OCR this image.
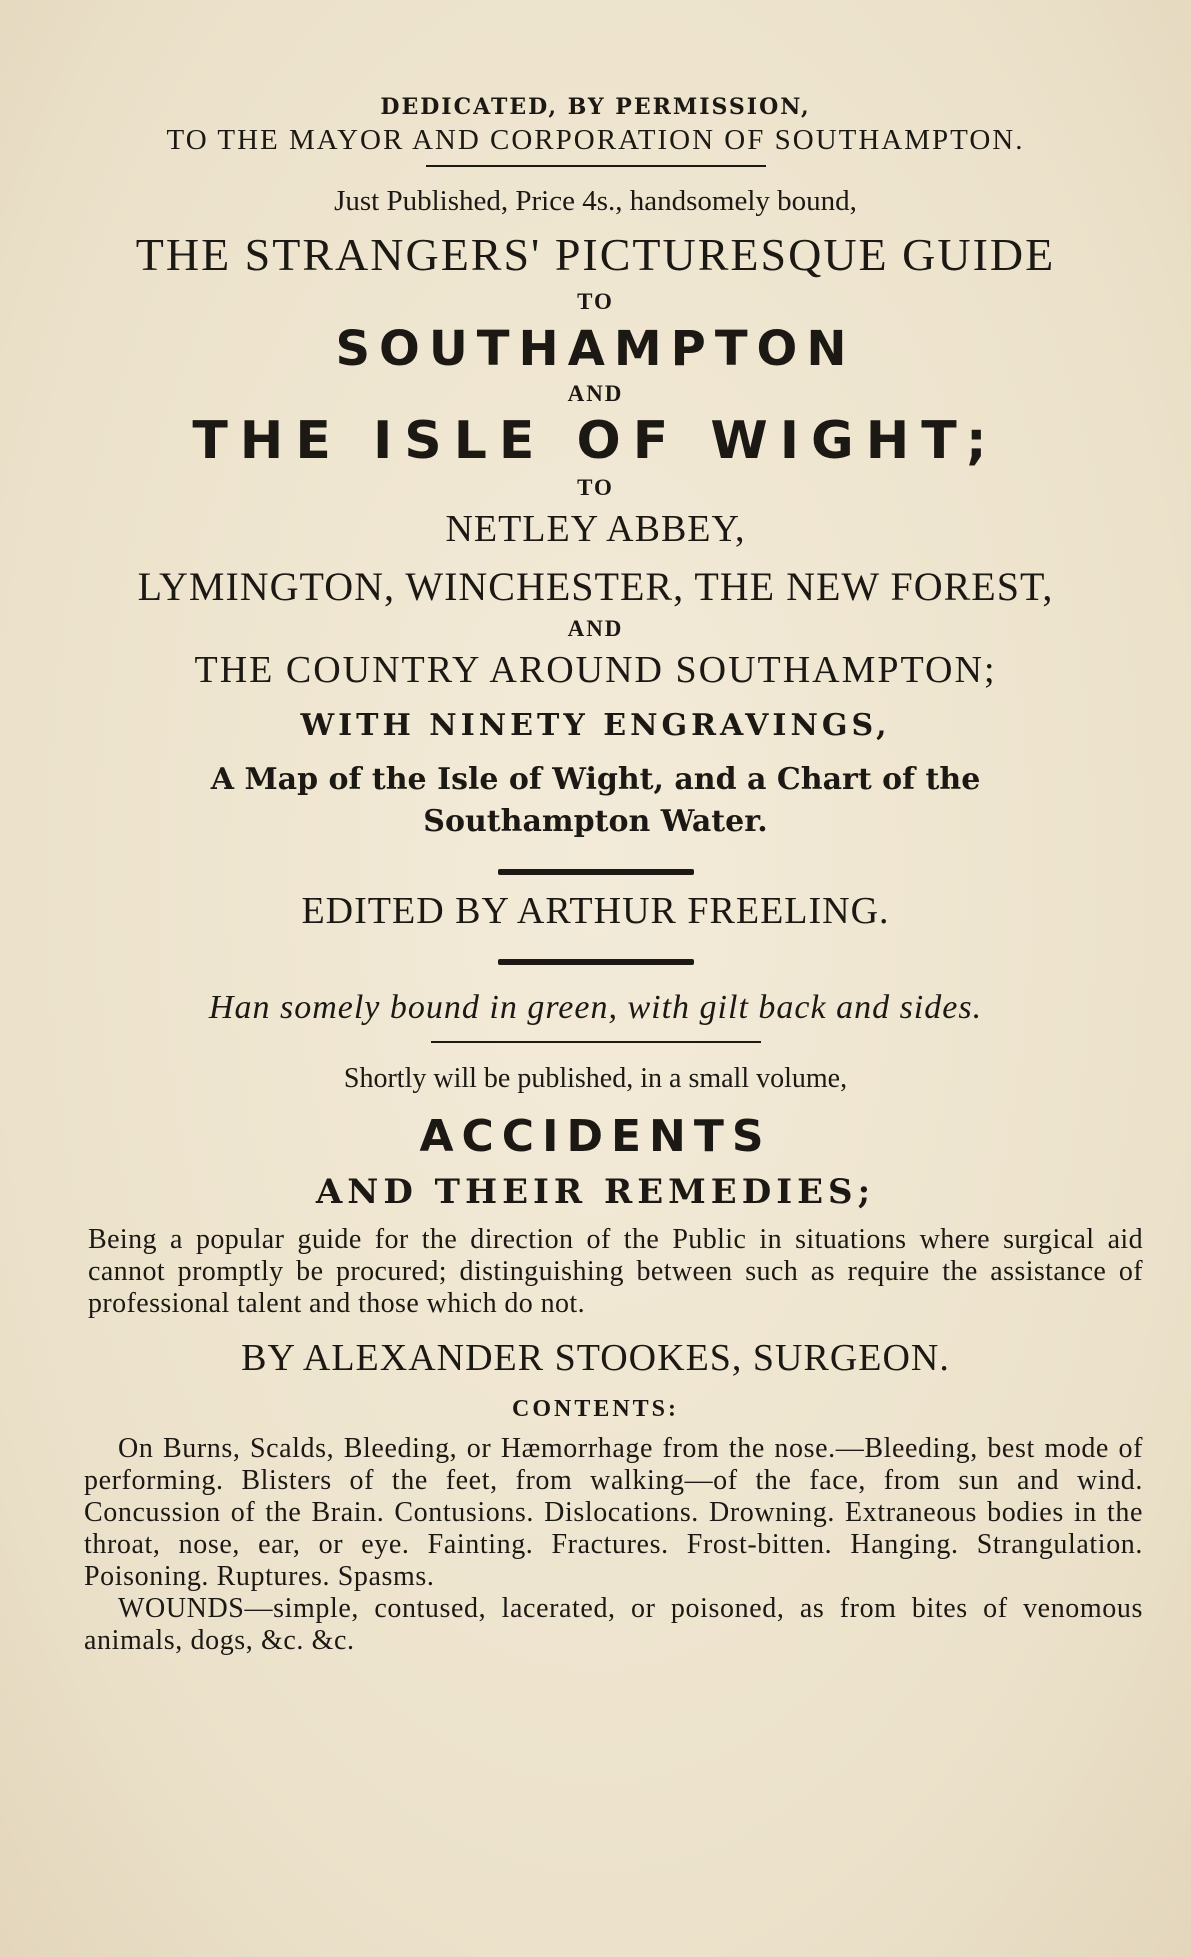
DEDICATED, BY PERMISSION,

TO THE MAYOR AND CORPORATION OF SOUTHAMPTON.

Just Published, Price 4s., handsomely bound,

THE STRANGERS' PICTURESQUE GUIDE

TO

SOUTHAMPTON

AND

THE ISLE OF WIGHT;

TO

NETLEY ABBEY,

LYMINGTON, WINCHESTER, THE NEW FOREST,

AND

THE COUNTRY AROUND SOUTHAMPTON;

WITH NINETY ENGRAVINGS,

A Map of the Isle of Wight, and a Chart of the
Southampton Water.

EDITED BY ARTHUR FREELING.

Han somely bound in green, with gilt back and sides.

Shortly will be published, in a small volume,

ACCIDENTS

AND THEIR REMEDIES;

Being a popular guide for the direction of the Public in situations where surgical aid cannot promptly be procured; distinguishing between such as require the assistance of professional talent and those which do not.

BY ALEXANDER STOOKES, SURGEON.

CONTENTS:

On Burns, Scalds, Bleeding, or Hæmorrhage from the nose.—Bleeding, best mode of performing. Blisters of the feet, from walking—of the face, from sun and wind. Concussion of the Brain. Contusions. Dislocations. Drowning. Extraneous bodies in the throat, nose, ear, or eye. Fainting. Fractures. Frost-bitten. Hanging. Strangulation. Poisoning. Ruptures. Spasms.

WOUNDS—simple, contused, lacerated, or poisoned, as from bites of venomous animals, dogs, &c. &c.
